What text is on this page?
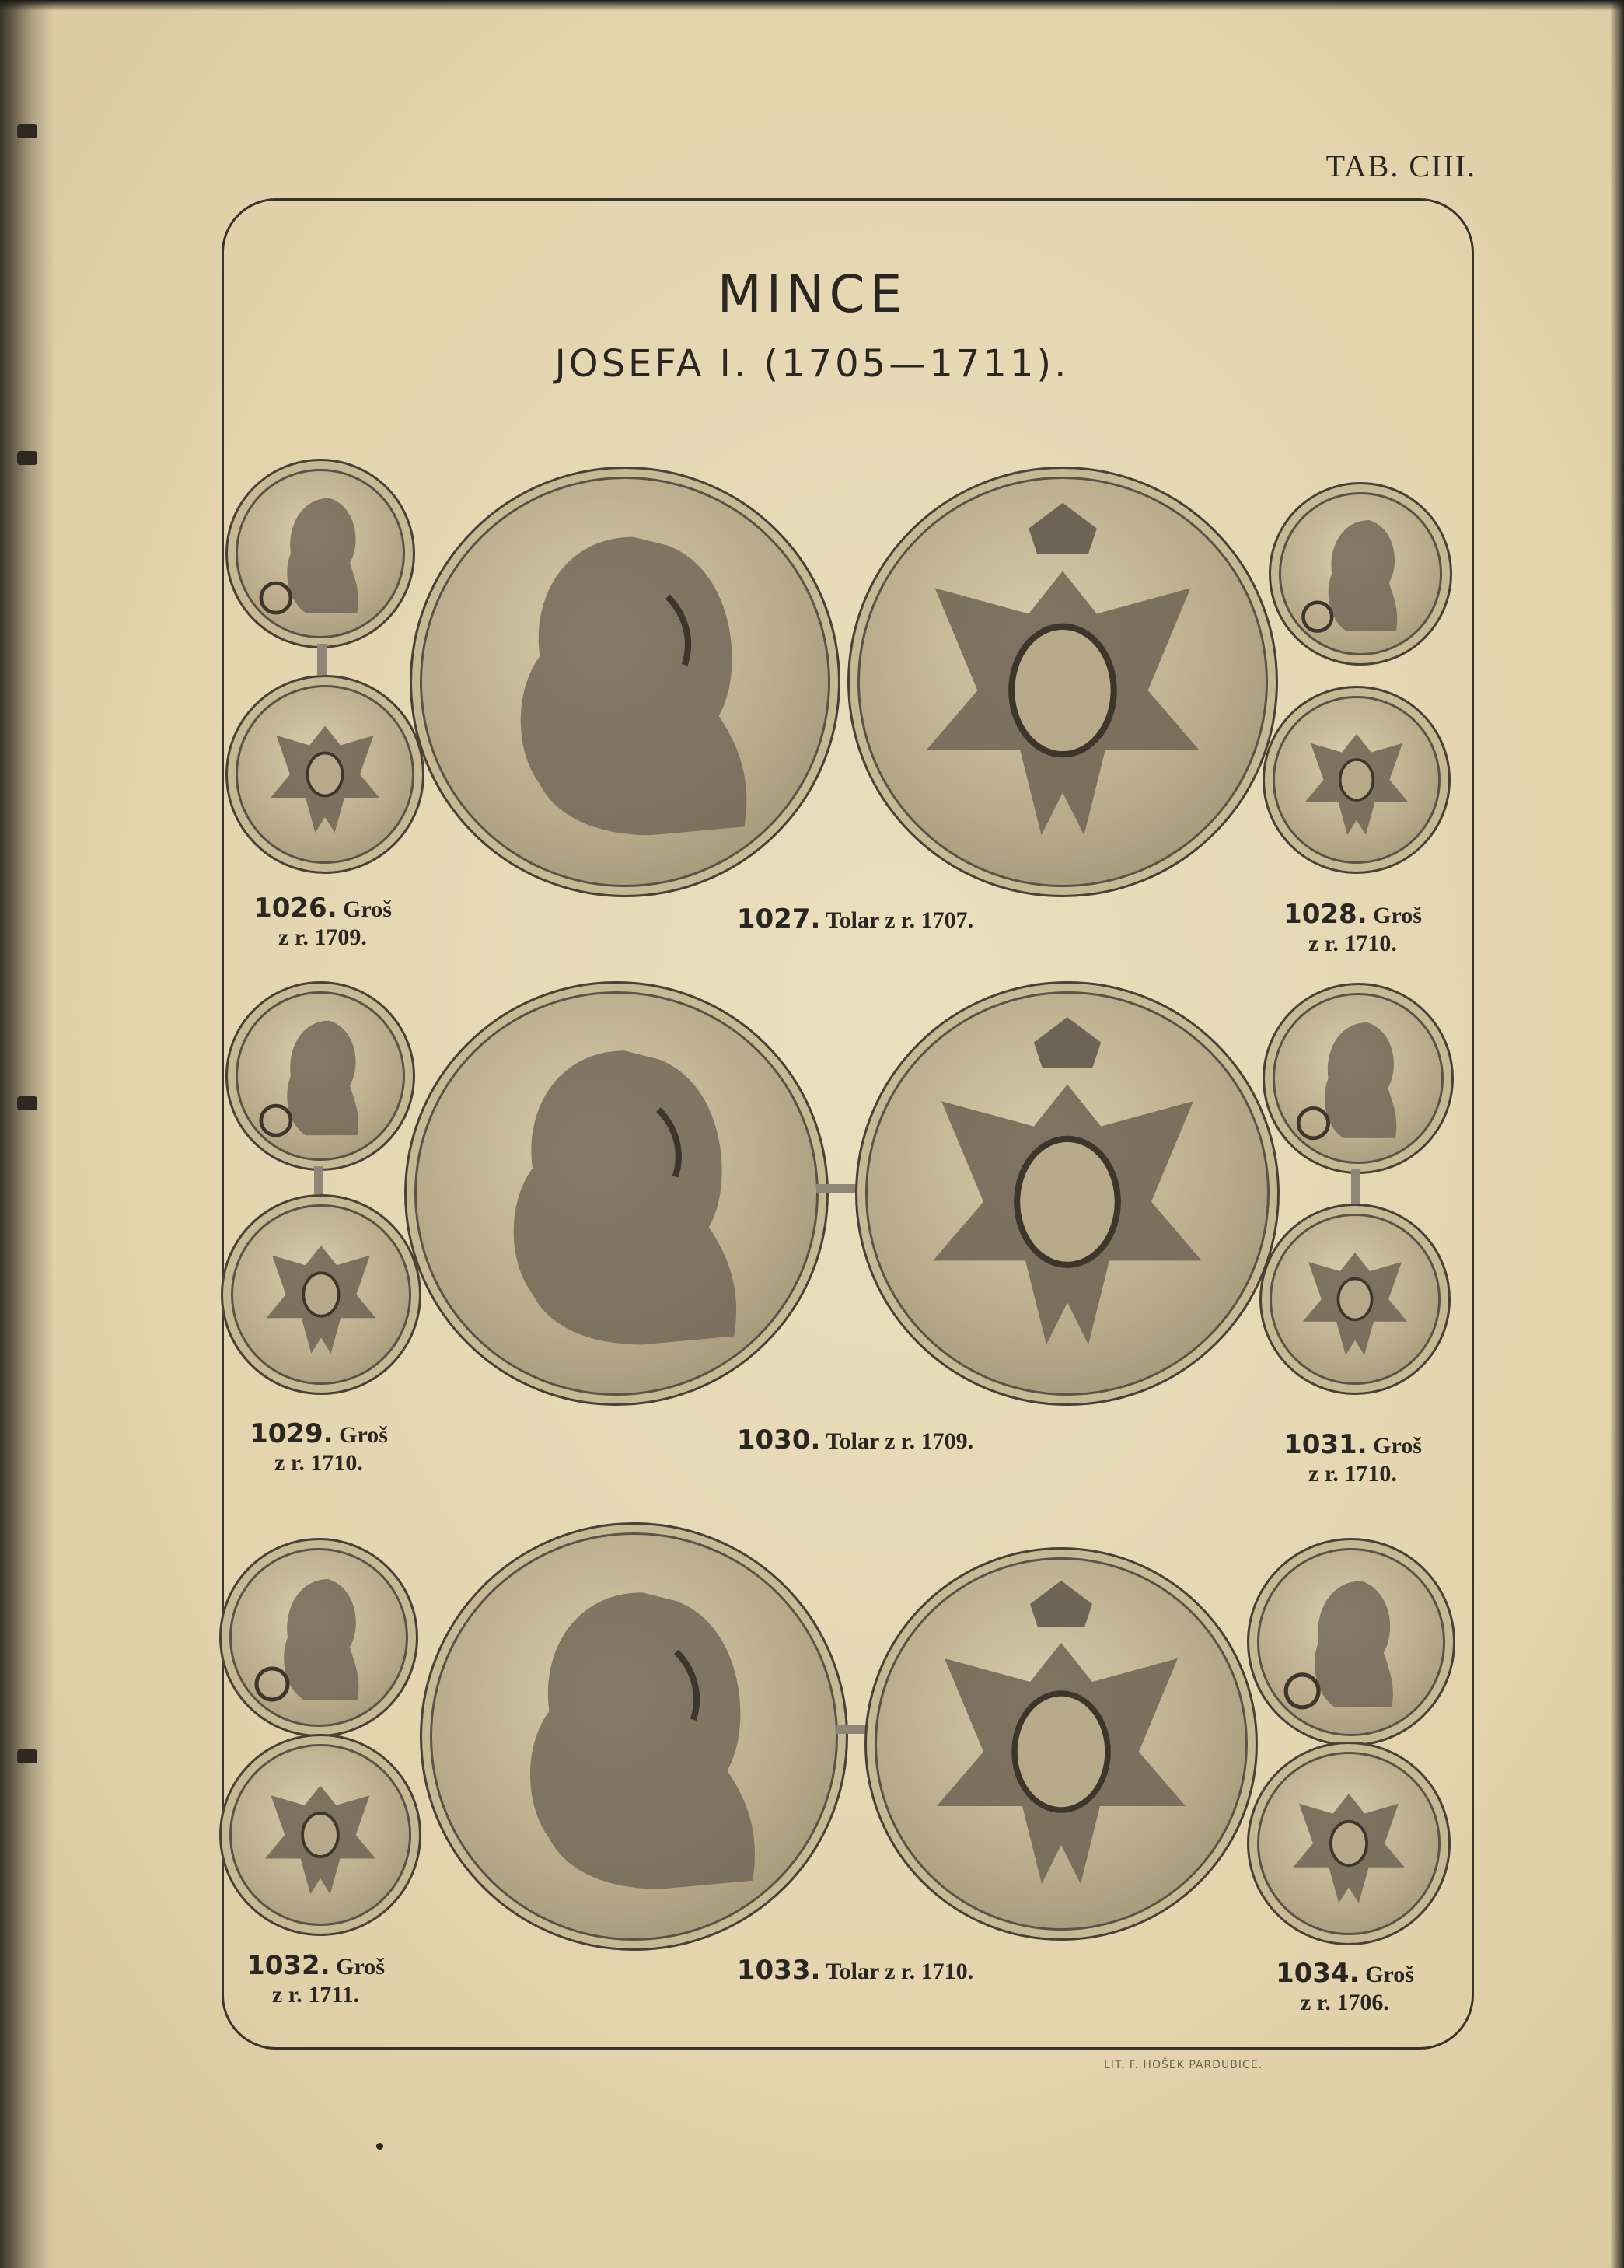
TAB. CIII.
MINCE
JOSEFA I. (1705—1711).
1026. Groš
z r. 1709.
1027. Tolar z r. 1707.	1028. Groš
z r. 1710.
1029. Groš
z r. 1710.
1030. Tolar z r. 1709.	1031. Groš
z r. 1710.
1032. Groš
z r. 1711.
1033. Tolar z r. 1710.	1034. Groš
z r. 1706.
LIT. F. HOŠEK PARDUBICE.
